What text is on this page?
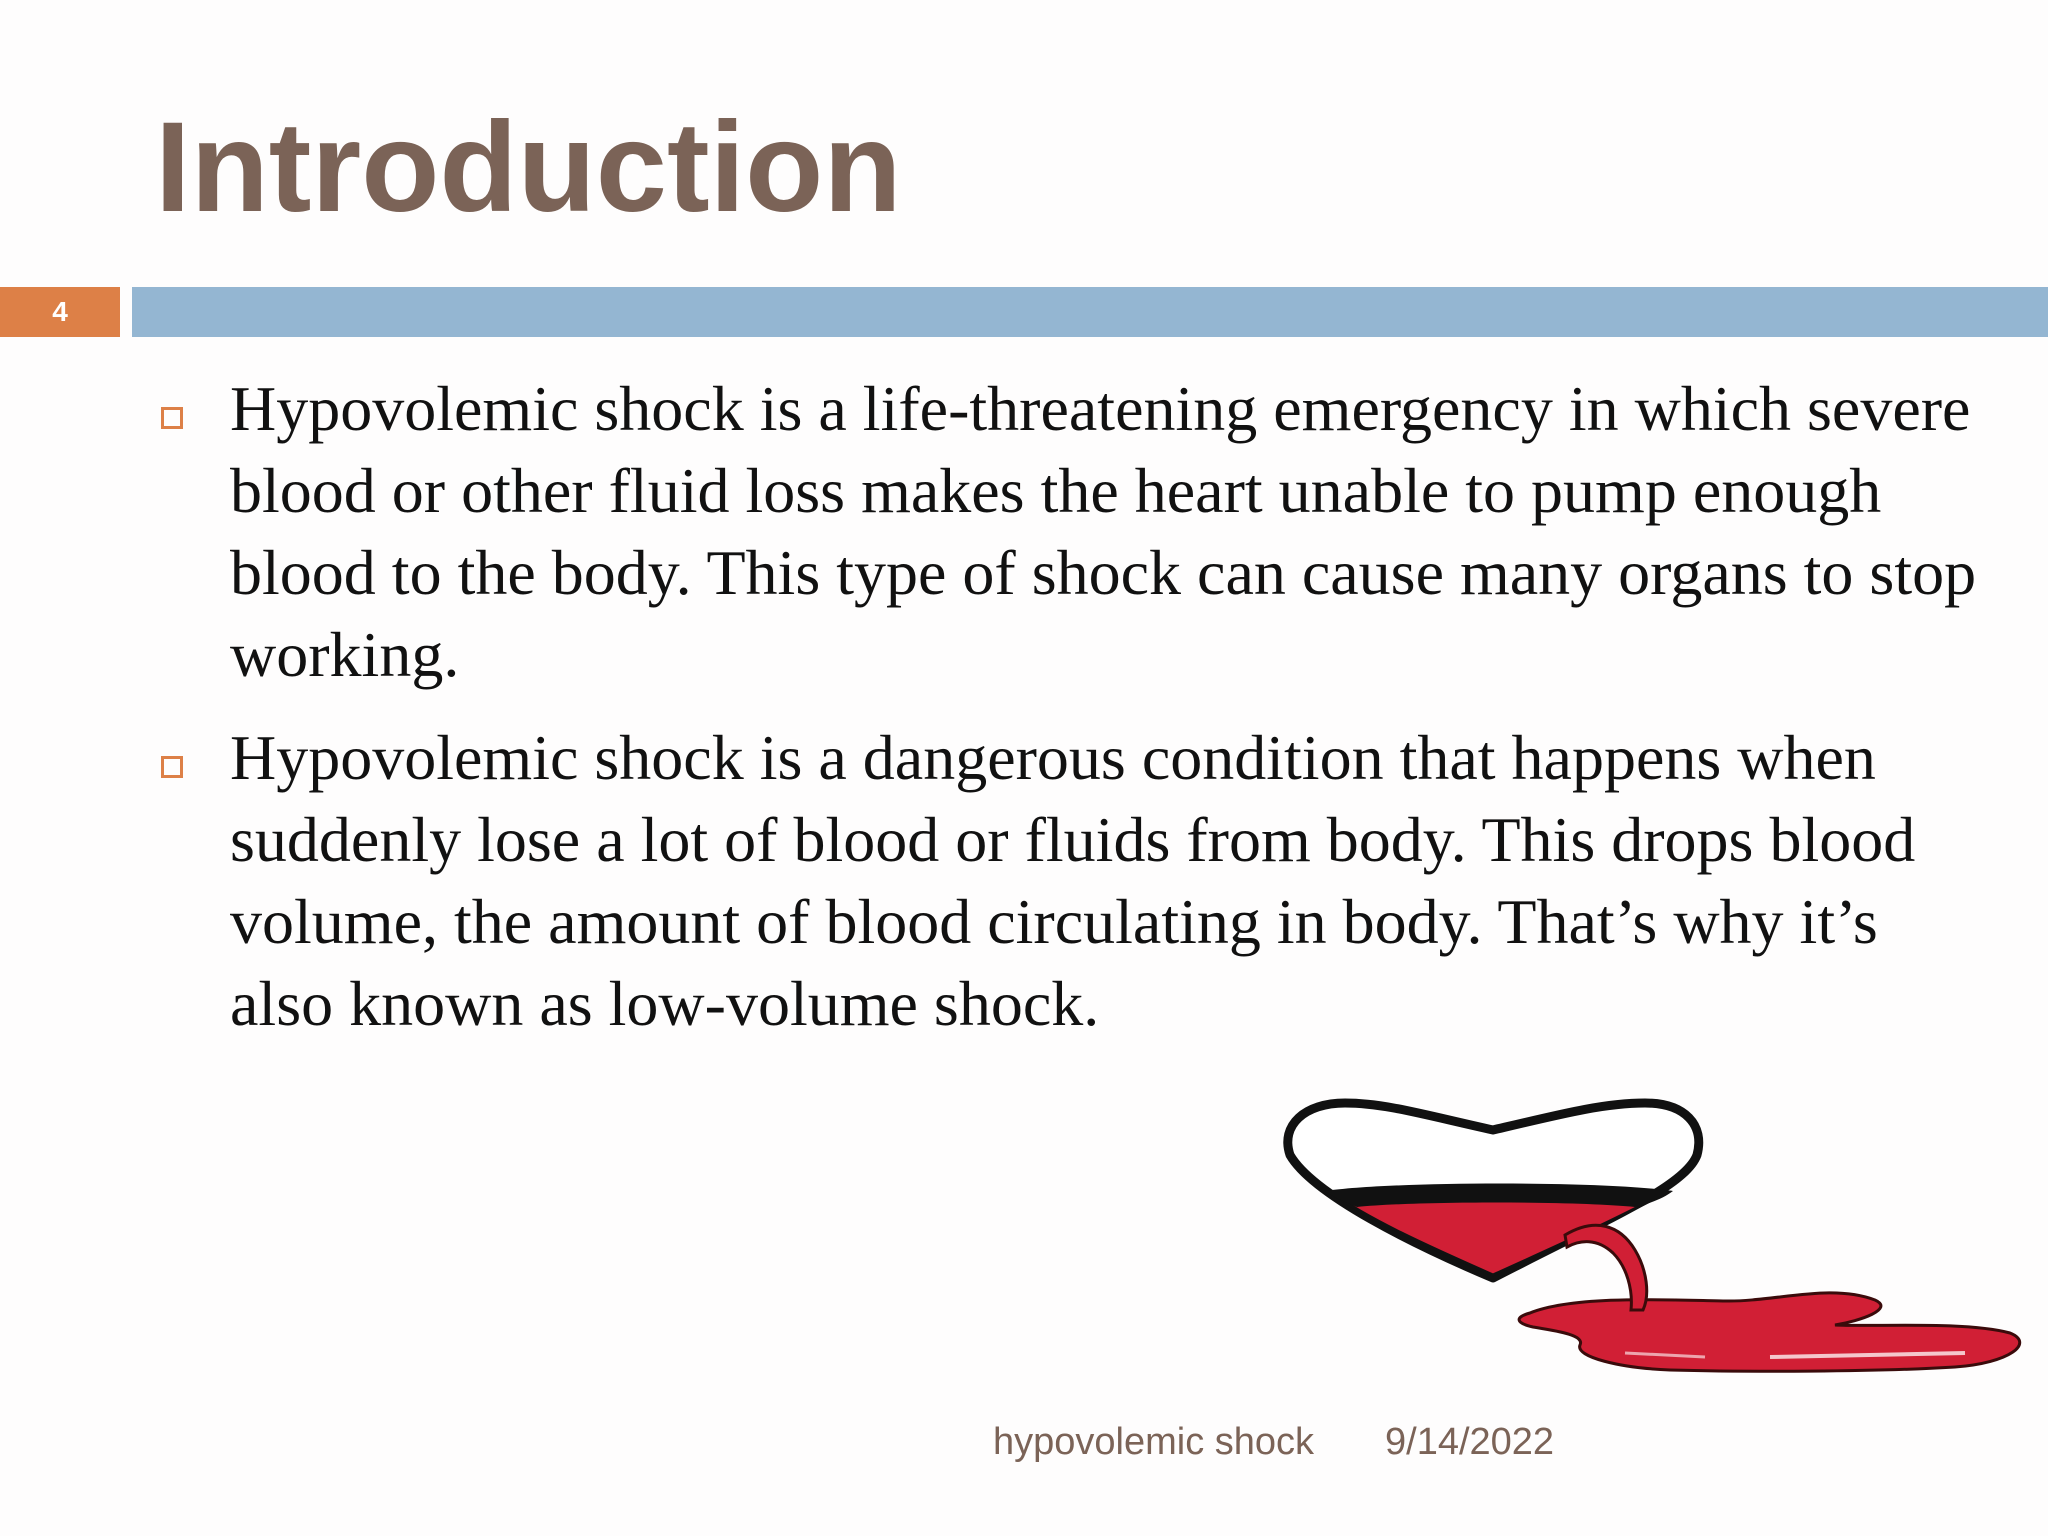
Introduction
4
Hypovolemic shock is a life-threatening emergency in which severe blood or other fluid loss makes the heart unable to pump enough blood to the body. This type of shock can cause many organs to stop working.
Hypovolemic shock is a dangerous condition that happens when suddenly lose a lot of blood or fluids from body. This drops blood volume, the amount of blood circulating in body. That’s why it’s also known as low-volume shock.
hypovolemic shock 9/14/2022
